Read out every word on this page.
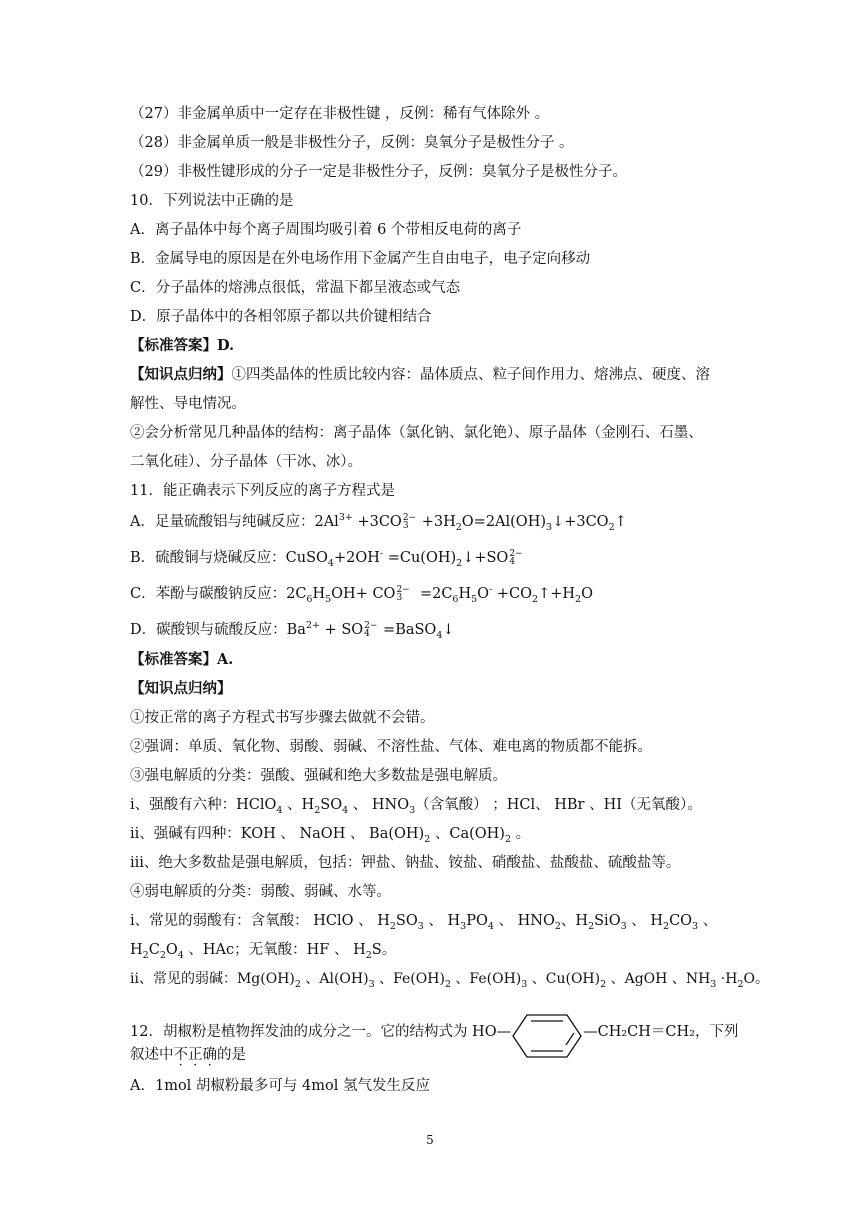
（27）非金属单质中一定存在非极性键 ，反例：稀有气体除外 。
（28）非金属单质一般是非极性分子，反例：臭氧分子是极性分子 。
（29）非极性键形成的分子一定是非极性分子，反例：臭氧分子是极性分子。
10．下列说法中正确的是
A．离子晶体中每个离子周围均吸引着 6 个带相反电荷的离子
B．金属导电的原因是在外电场作用下金属产生自由电子，电子定向移动
C．分子晶体的熔沸点很低，常温下都呈液态或气态
D．原子晶体中的各相邻原子都以共价键相结合
【标准答案】D.
【知识点归纳】①四类晶体的性质比较内容：晶体质点、粒子间作用力、熔沸点、硬度、溶
解性、导电情况。
②会分析常见几种晶体的结构：离子晶体（氯化钠、氯化铯）、原子晶体（金刚石、石墨、
二氧化硅）、分子晶体（干冰、冰）。
11．能正确表示下列反应的离子方程式是
A．足量硫酸铝与纯碱反应：$2Al^{3+} +3CO$ 2−
$3 +3H_2O=2Al(OH)_3↓+3CO_2↑$
B．硫酸铜与烧碱反应：CuSO$_4$+2OH- $=Cu(OH)_2↓+SO$ 2−
4
C．苯酚与碳酸钠反应：$2C_6H_5OH+$ CO 2−
$3 =2C_6H_5O^-$ $+CO_2↑+H_2O$
D．碳酸钡与硫酸反应：$Ba^{2+}$ + SO 2−
4 =BaSO$_4$↓
【标准答案】A.
【知识点归纳】
①按正常的离子方程式书写步骤去做就不会错。
②强调：单质、氧化物、弱酸、弱碱、不溶性盐、气体、难电离的物质都不能拆。
③强电解质的分类：强酸、强碱和绝大多数盐是强电解质。
ⅰ、强酸有六种：HClO$_4$ 、$H_2SO_4$ 、 $HNO_3$（含氧酸） ；HCl、 HBr 、HI（无氧酸）。
ⅱ、强碱有四种：KOH 、 NaOH 、 $Ba(OH)_2$ 、$Ca(OH)_2$ 。
ⅲ、绝大多数盐是强电解质，包括：钾盐、钠盐、铵盐、硝酸盐、盐酸盐、硫酸盐等。
④弱电解质的分类：弱酸、弱碱、水等。
ⅰ、常见的弱酸有：含氧酸： HClO 、 $H_2SO_3$ 、 $H_3PO_4$ 、 $HNO_2$、$H_2SiO_3$ 、 $H_2CO_3$ 、
$H_2C_2O_4$ 、HAc；无氧酸：HF 、 $H_2S$。
ⅱ、常见的弱碱：$Mg(OH)_2$ 、$Al(OH)_3$ 、$Fe(OH)_2$ 、$Fe(OH)_3$ 、$Cu(OH)_2$ 、AgOH 、$NH_3 \cdot H_2O$。
12．胡椒粉是植物挥发油的成分之一。它的结构式为 HO—	—CH₂CH＝CH₂，下列
叙述中不正确的是
A．1mol 胡椒粉最多可与 4mol 氢气发生反应
5
